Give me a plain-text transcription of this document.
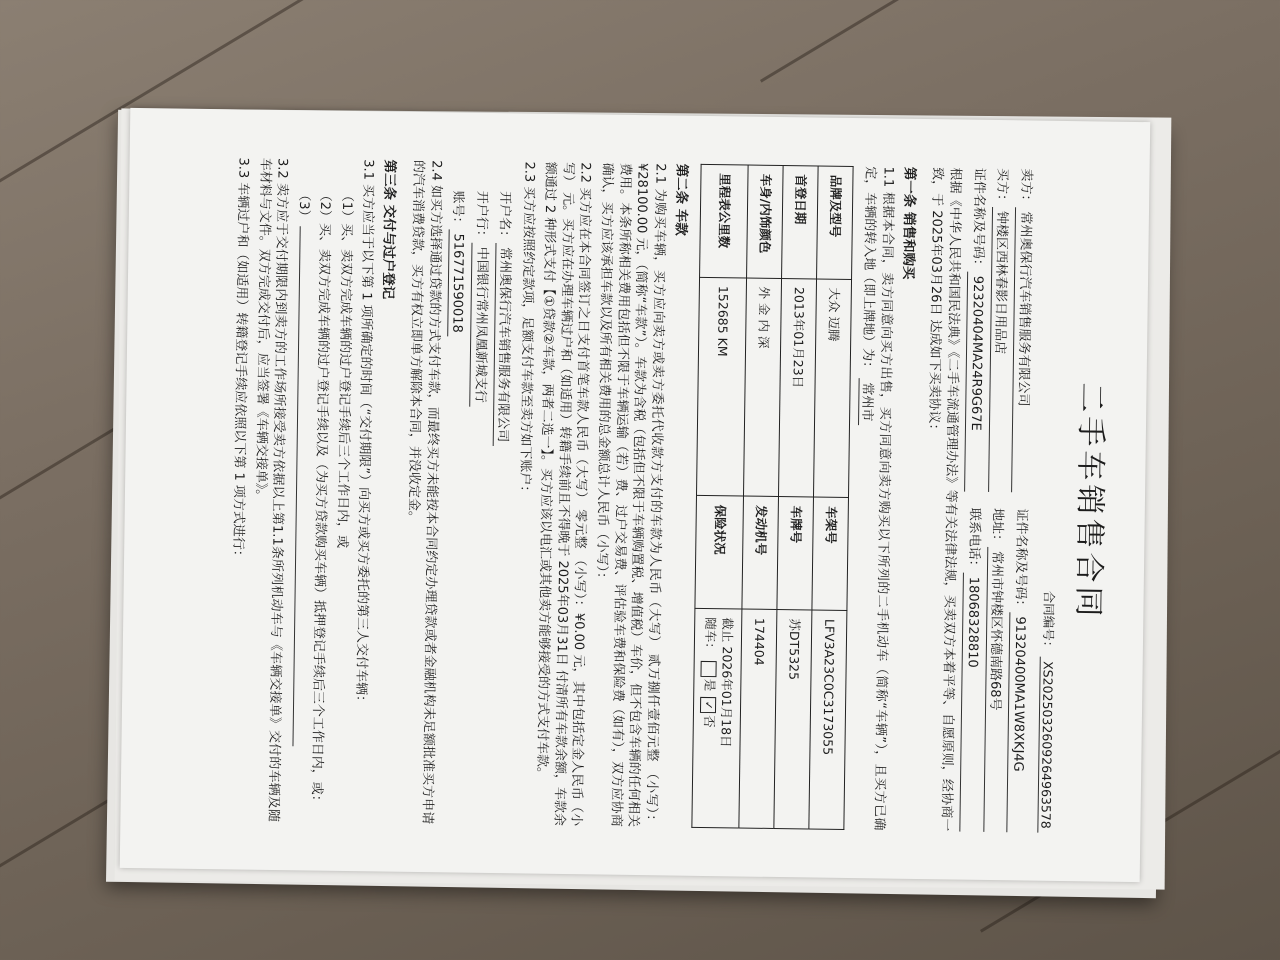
二手车销售合同
合同编号： XS20250326092649635​78
卖方：
常州奥保行汽车销售服务有限公司
证件名称及号码：
91320400MA1W8XKJ4G
买方：
钟楼区西林春影日用品店
地址：
常州市钟楼区怀德南路68号
证件名称及号码：
92320404MA24R9G67E
联系电话：
18068328810
根据《中华人民共和国民法典》《二手车流通管理办法》等有关法律法规，买卖双方本着平等、自愿原则，经协商一致，于 2025年03月26日 达成如下买卖协议：
第一条 销售和购买
1.1 根据本合同，卖方同意向买方出售，买方同意向卖方购买以下所列的二手机动车（简称“车辆”），且买方已确定，车辆的转入地（即上牌地）为： 常州市
品牌及型号	大众 迈腾	车架号	LFV3A23C0C3173055
首登日期	2013年01月23日	车牌号	苏DT5325
车身/内饰颜色	外 金 内 深	发动机号	174404
里程表公里数	152685 KM	保险状况	截止 2026年01月18日
随车： 是 ✓否
第二条 车款
2.1 为购买车辆，买方应向卖方或卖方委托代收款方支付的车款为人民币（大写） 贰万捌仟壹佰元整 （小写）：¥28100.00 元，（简称“车款”）。车款为含税（包括但不限于车辆购置税、增值税）车价，但不包含车辆的任何相关费用。本条所称相关费用包括但不限于车辆运输（若）费、过户交易费、评估验车费和保险费（如有），双方应协商确认，买方应该承担车款以及所有相关费用的总金额总计人民币（小写）：
2.2 买方应在本合同签订之日支付首笔车款人民币（大写） 零元整 （小写）：¥0.00 元，其中包括定金人民币（小写） 元。买方应在办理车辆过户和（如适用）转籍手续前且不得晚于 2025年03月31日 付清所有车款余额，车款余额通过 2 种形式支付【①贷款②车款，两者二选一】。买方应该以电汇或其他卖方能够接受的方式支付车款。
2.3 买方应按照约定款项，足额支付车款至卖方如下账户：
开户名：
常州奥保行汽车销售服务有限公司
开户行：
中国银行常州凤凰新城支行
账号：
516771590018
2.4 如买方选择通过贷款的方式支付车款，而最终买方未能按本合同约定办理贷款或者金融机构未足额批准买方申请的汽车消费贷款，买方有权立即单方解除本合同，并没收定金。
第三条 交付与过户登记
3.1 买方应当于以下第 1 项所确定的时间（“交付期限”）向买方或买方委托的第三人交付车辆：
（1）买、卖双方完成车辆的过户登记手续后三个工作日内，或
（2）买、卖双方完成车辆的过户登记手续以及（为买方贷款购买车辆）抵押登记手续后三个工作日内，或：
（3）
3.2 卖方应于交付期限内到卖方的工作场所接受卖方依据以上第1.1条所列机动车与《车辆交接单》交付的车辆及随车材料与文件。双方完成交付后，应当签署《车辆交接单》。
3.3 车辆过户和（如适用）转籍登记手续应依照以下第 1 项方式进行：
